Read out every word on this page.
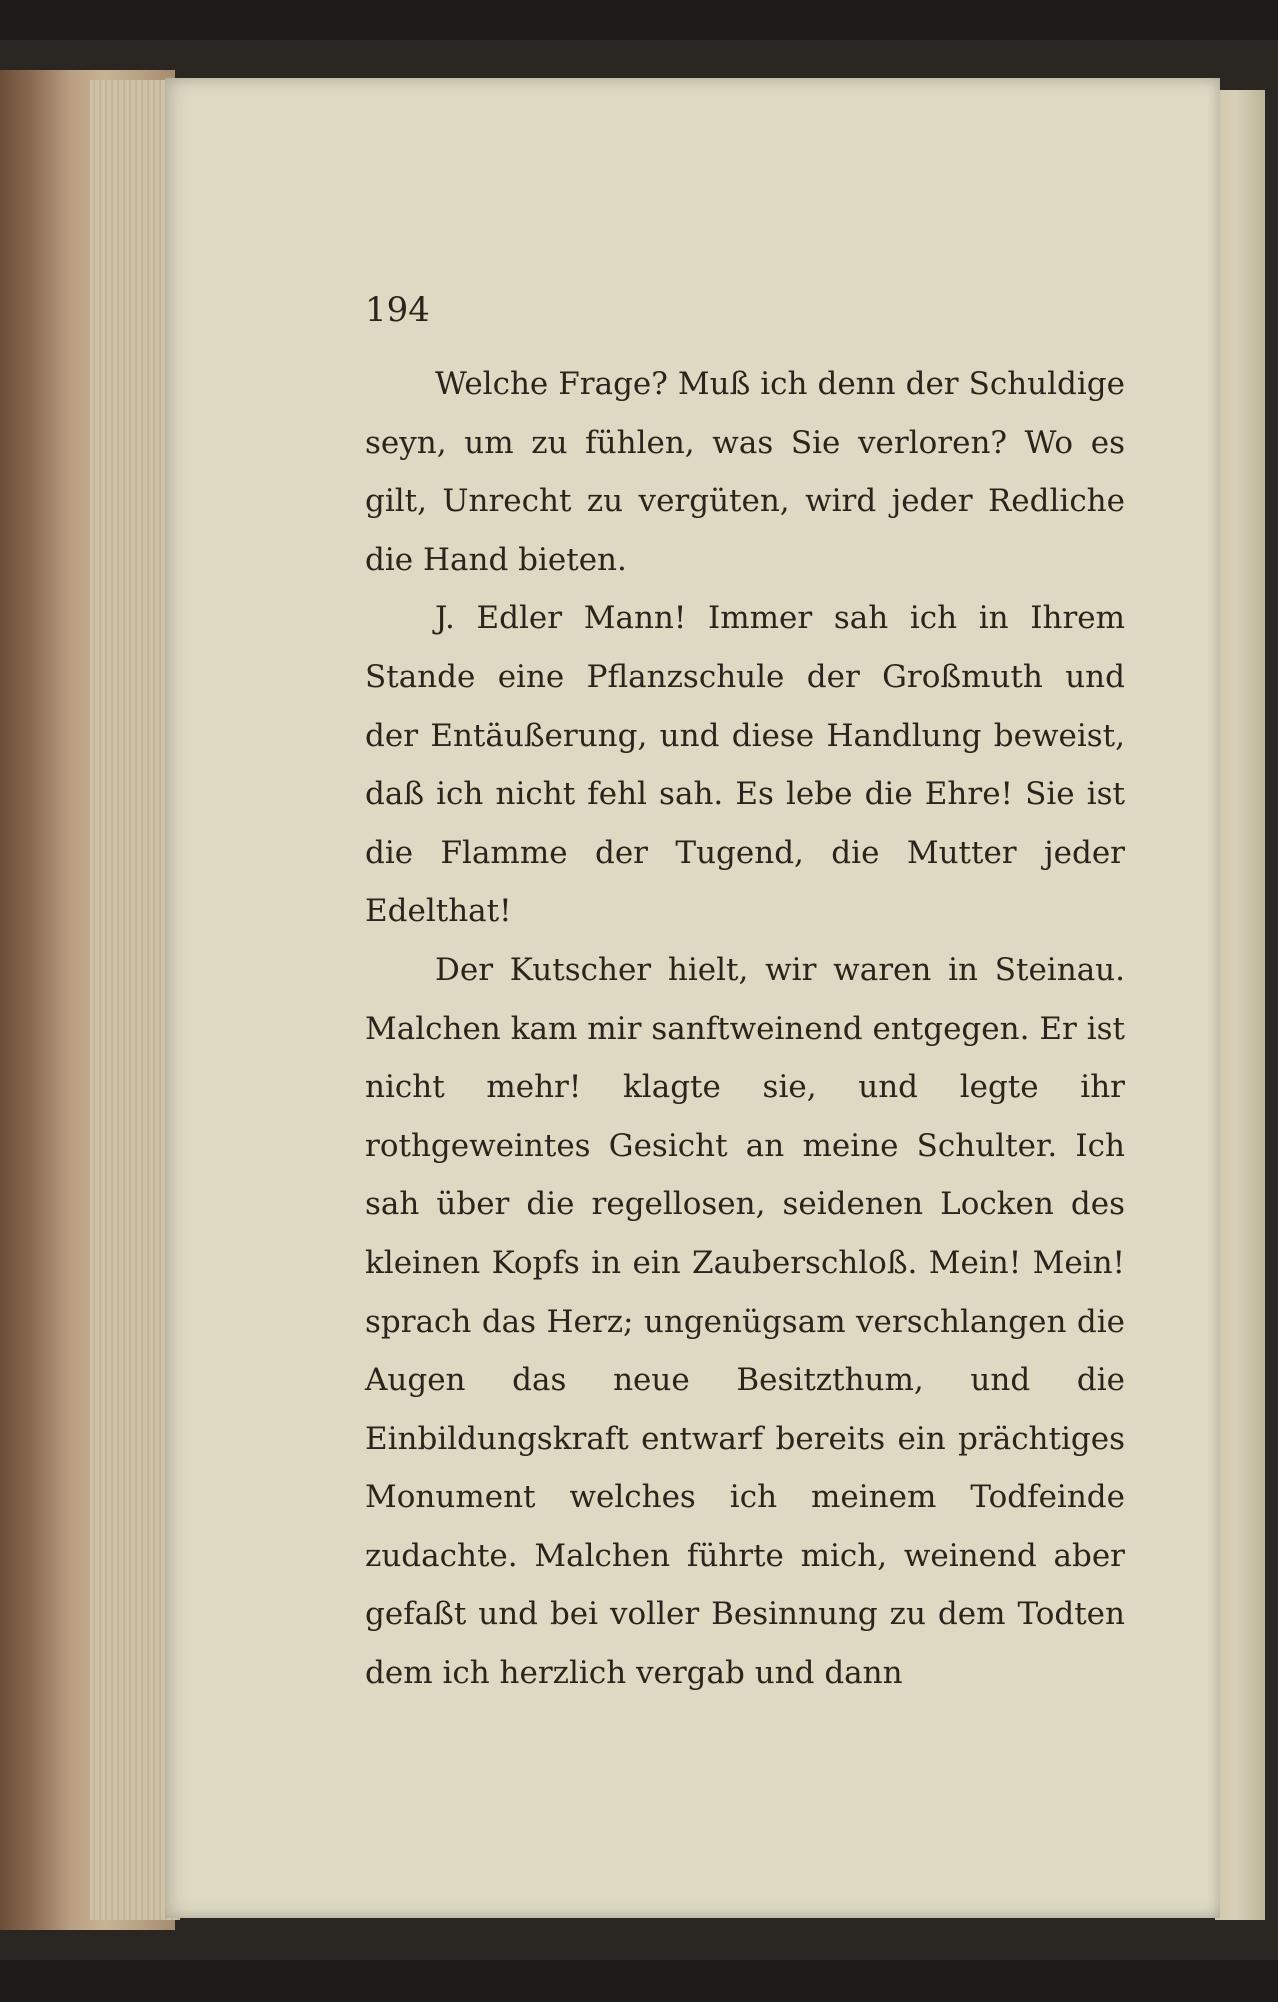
194

Welche Frage? Muß ich denn der Schuldige seyn, um zu fühlen, was Sie verloren? Wo es gilt, Unrecht zu vergüten, wird jeder Redliche die Hand bieten.

J. Edler Mann! Immer sah ich in Ihrem Stande eine Pflanzschule der Großmuth und der Entäußerung, und diese Handlung beweist, daß ich nicht fehl sah. Es lebe die Ehre! Sie ist die Flamme der Tugend, die Mutter jeder Edelthat!

Der Kutscher hielt, wir waren in Steinau. Malchen kam mir sanftweinend entgegen. Er ist nicht mehr! klagte sie, und legte ihr rothgeweintes Gesicht an meine Schulter. Ich sah über die regellosen, seidenen Locken des kleinen Kopfs in ein Zauberschloß. Mein! Mein! sprach das Herz; ungenügsam verschlangen die Augen das neue Besitzthum, und die Einbildungskraft entwarf bereits ein prächtiges Monument welches ich meinem Todfeinde zudachte. Malchen führte mich, weinend aber gefaßt und bei voller Besinnung zu dem Todten dem ich herzlich vergab und dann
